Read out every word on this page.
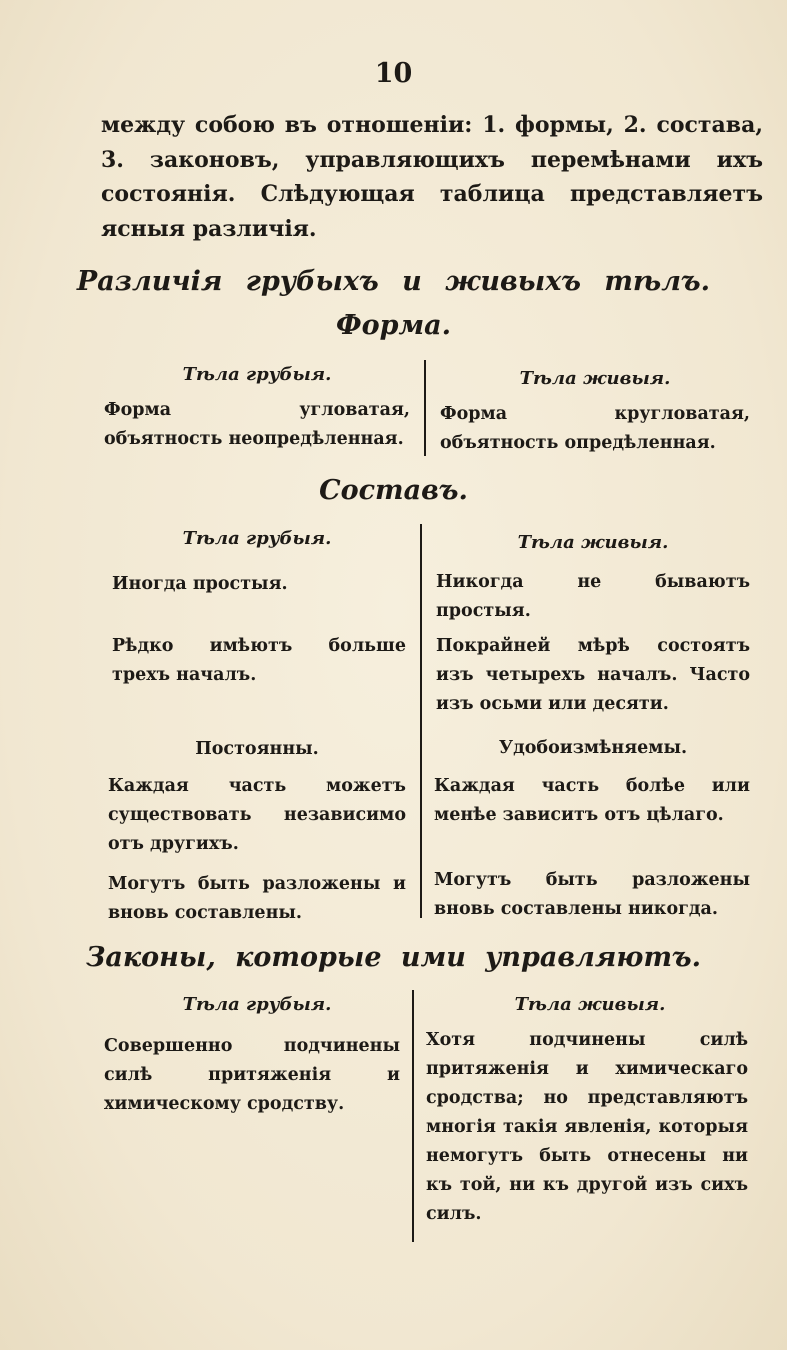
10
между собою въ отношенiи: 1. формы, 2. состава, 3. законовъ, управляющихъ перемѣнами ихъ состоянiя. Слѣдующая таблица представляетъ ясныя различiя.
Различiя грубыхъ и живыхъ тѣлъ.
Форма.
Тѣла грубыя.
Форма угловатая, объятность неопредѣленная.
Тѣла живыя.
Форма кругловатая, объятность опредѣленная.
Составъ.
Тѣла грубыя.
Иногда простыя.
Рѣдко имѣютъ больше трехъ началъ.
Постоянны.
Каждая часть можетъ существовать независимо отъ другихъ.
Могутъ быть разложены и вновь составлены.
Тѣла живыя.
Никогда не бываютъ простыя.
Покрайней мѣрѣ состоятъ изъ четырехъ началъ. Часто изъ осьми или десяти.
Удобоизмѣняемы.
Каждая часть болѣе или менѣе зависитъ отъ цѣлаго.
Могутъ быть разложены вновь составлены никогда.
Законы, которые ими управляютъ.
Тѣла грубыя.
Совершенно подчинены силѣ притяженiя и химическому сродству.
Тѣла живыя.
Хотя подчинены силѣ притяженiя и химическаго сродства; но представляютъ многiя такiя явленiя, которыя немогутъ быть отнесены ни къ той, ни къ другой изъ сихъ силъ.
